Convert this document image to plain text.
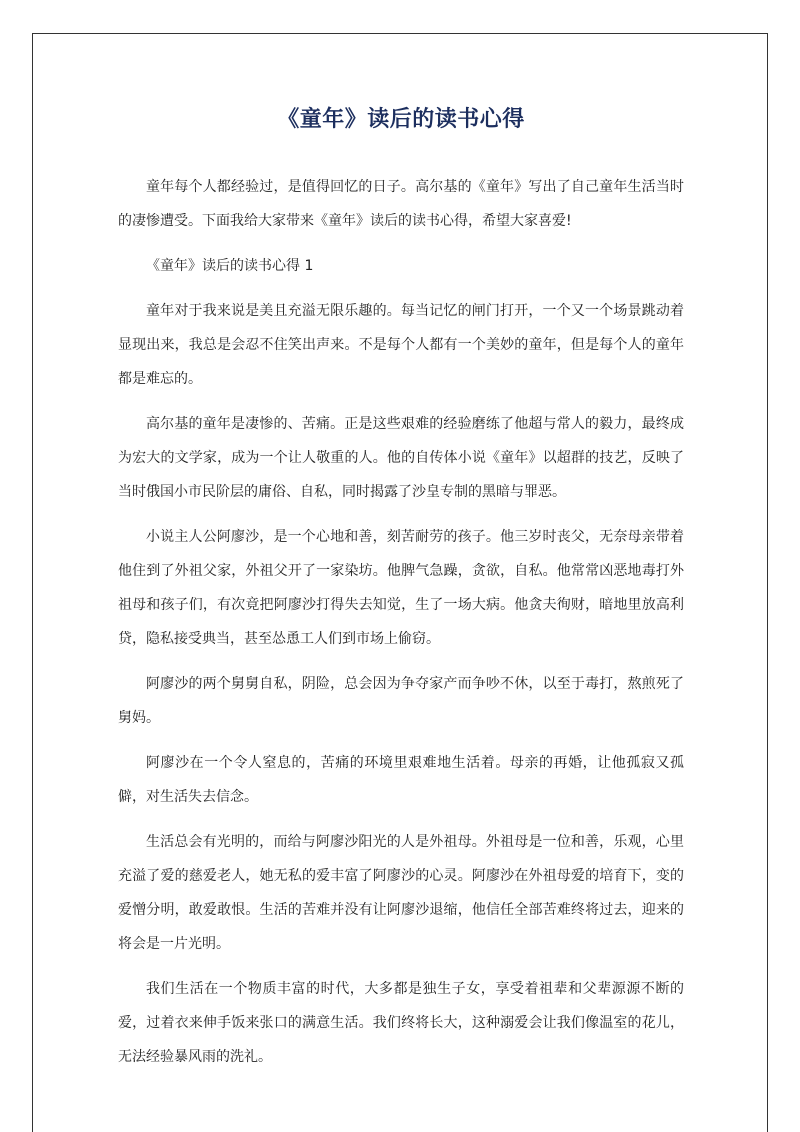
《童年》读后的读书心得

童年每个人都经验过，是值得回忆的日子。高尔基的《童年》写出了自己童年生活当时的凄惨遭受。下面我给大家带来《童年》读后的读书心得，希望大家喜爱!

《童年》读后的读书心得 1

童年对于我来说是美且充溢无限乐趣的。每当记忆的闸门打开，一个又一个场景跳动着显现出来，我总是会忍不住笑出声来。不是每个人都有一个美妙的童年，但是每个人的童年都是难忘的。

高尔基的童年是凄惨的、苦痛。正是这些艰难的经验磨练了他超与常人的毅力，最终成为宏大的文学家，成为一个让人敬重的人。他的自传体小说《童年》以超群的技艺，反映了当时俄国小市民阶层的庸俗、自私，同时揭露了沙皇专制的黑暗与罪恶。

小说主人公阿廖沙，是一个心地和善，刻苦耐劳的孩子。他三岁时丧父，无奈母亲带着他住到了外祖父家，外祖父开了一家染坊。他脾气急躁，贪欲，自私。他常常凶恶地毒打外祖母和孩子们，有次竟把阿廖沙打得失去知觉，生了一场大病。他贪夫徇财，暗地里放高利贷，隐私接受典当，甚至怂恿工人们到市场上偷窃。

阿廖沙的两个舅舅自私，阴险，总会因为争夺家产而争吵不休，以至于毒打，熬煎死了舅妈。

阿廖沙在一个令人窒息的，苦痛的环境里艰难地生活着。母亲的再婚，让他孤寂又孤僻，对生活失去信念。

生活总会有光明的，而给与阿廖沙阳光的人是外祖母。外祖母是一位和善，乐观，心里充溢了爱的慈爱老人，她无私的爱丰富了阿廖沙的心灵。阿廖沙在外祖母爱的培育下，变的爱憎分明，敢爱敢恨。生活的苦难并没有让阿廖沙退缩，他信任全部苦难终将过去，迎来的将会是一片光明。

我们生活在一个物质丰富的时代，大多都是独生子女，享受着祖辈和父辈源源不断的爱，过着衣来伸手饭来张口的满意生活。我们终将长大，这种溺爱会让我们像温室的花儿，无法经验暴风雨的洗礼。
